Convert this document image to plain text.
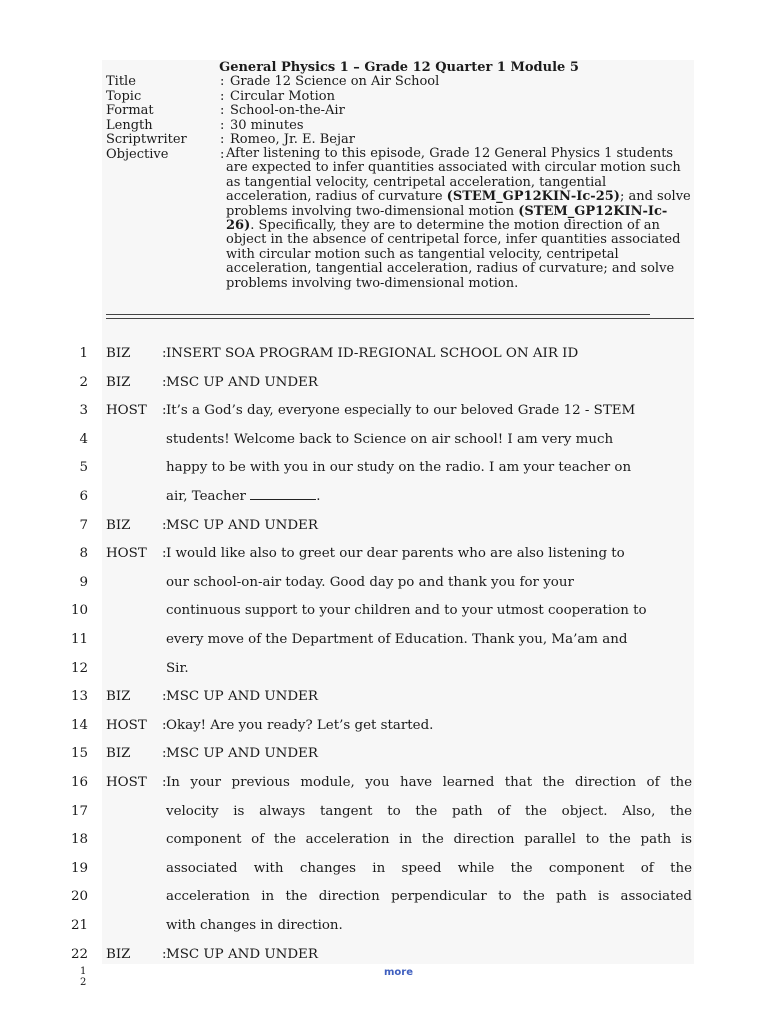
General Physics 1 – Grade 12 Quarter 1 Module 5
Title	: Grade 12 Science on Air School
Topic	: Circular Motion
Format	: School-on-the-Air
Length	: 30 minutes
Scriptwriter	: Romeo, Jr. E. Bejar
Objective	: After listening to this episode, Grade 12 General Physics 1 students are expected to infer quantities associated with circular motion such as tangential velocity, centripetal acceleration, tangential acceleration, radius of curvature (STEM_GP12KIN-Ic-25); and solve problems involving two-dimensional motion (STEM_GP12KIN-Ic-26). Specifically, they are to determine the motion direction of an object in the absence of centripetal force, infer quantities associated with circular motion such as tangential velocity, centripetal acceleration, tangential acceleration, radius of curvature; and solve problems involving two-dimensional motion.
1 BIZ : INSERT SOA PROGRAM ID-REGIONAL SCHOOL ON AIR ID
2 BIZ : MSC UP AND UNDER
3 HOST : It’s a God’s day, everyone especially to our beloved Grade 12 - STEM
4	students! Welcome back to Science on air school! I am very much
5	happy to be with you in our study on the radio. I am your teacher on
6	air, Teacher	.
7 BIZ : MSC UP AND UNDER
8 HOST : I would like also to greet our dear parents who are also listening to
9	our school-on-air today. Good day po and thank you for your
10	continuous support to your children and to your utmost cooperation to
11	every move of the Department of Education. Thank you, Ma’am and
12	Sir.
13 BIZ : MSC UP AND UNDER
14 HOST : Okay! Are you ready? Let’s get started.
15 BIZ : MSC UP AND UNDER
16 HOST : In your previous module, you have learned that the direction of the
17	velocity is always tangent to the path of the object. Also, the
18	component of the acceleration in the direction parallel to the path is
19	associated with changes in speed while the component of the
20	acceleration in the direction perpendicular to the path is associated
21	with changes in direction.
22 BIZ : MSC UP AND UNDER
1
2
more
